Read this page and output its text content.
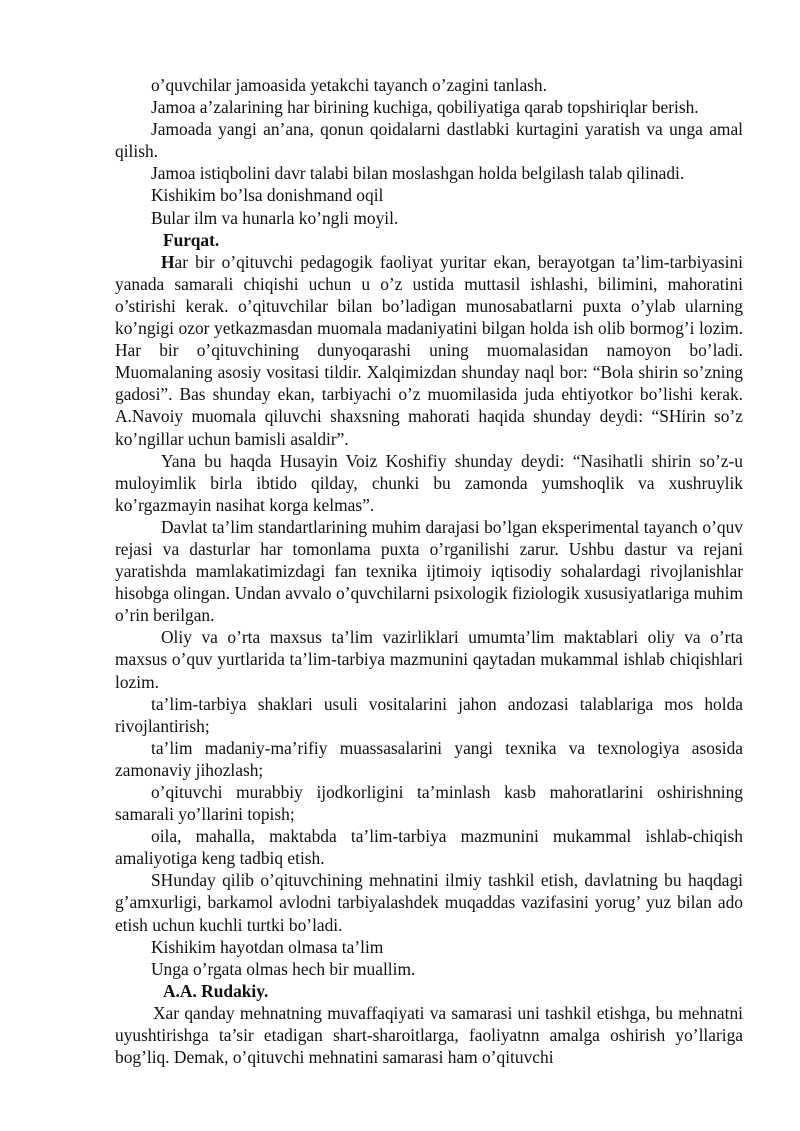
o’quvchilar jamoasida yetakchi tayanch o’zagini tanlash.

Jamoa a’zalarining har birining kuchiga, qobiliyatiga qarab topshiriqlar berish.

Jamoada yangi an’ana, qonun qoidalarni dastlabki kurtagini yaratish va unga amal qilish.

Jamoa istiqbolini davr talabi bilan moslashgan holda belgilash talab qilinadi.

Kishikim bo’lsa donishmand oqil

Bular ilm va hunarla ko’ngli moyil.

Furqat.

Har bir o’qituvchi pedagogik faoliyat yuritar ekan, berayotgan ta’lim-tarbiyasini yanada samarali chiqishi uchun u o’z ustida muttasil ishlashi, bilimini, mahoratini o’stirishi kerak. o’qituvchilar bilan bo’ladigan munosabatlarni puxta o’ylab ularning ko’ngigi ozor yetkazmasdan muomala madaniyatini bilgan holda ish olib bormog’i lozim. Har bir o’qituvchining dunyoqarashi uning muomalasidan namoyon bo’ladi. Muomalaning asosiy vositasi tildir. Xalqimizdan shunday naql bor: “Bola shirin so’zning gadosi”. Bas shunday ekan, tarbiyachi o’z muomilasida juda ehtiyotkor bo’lishi kerak. A.Navoiy muomala qiluvchi shaxsning mahorati haqida shunday deydi: “SHirin so’z ko’ngillar uchun bamisli asaldir”.

Yana bu haqda Husayin Voiz Koshifiy shunday deydi: “Nasihatli shirin so’z-u muloyimlik birla ibtido qilday, chunki bu zamonda yumshoqlik va xushruylik ko’rgazmayin nasihat korga kelmas”.

Davlat ta’lim standartlarining muhim darajasi bo’lgan eksperimental tayanch o’quv rejasi va dasturlar har tomonlama puxta o’rganilishi zarur. Ushbu dastur va rejani yaratishda mamlakatimizdagi fan texnika ijtimoiy iqtisodiy sohalardagi rivojlanishlar hisobga olingan. Undan avvalo o’quvchilarni psixologik fiziologik xususiyatlariga muhim o’rin berilgan.

Oliy va o’rta maxsus ta’lim vazirliklari umumta’lim maktablari oliy va o’rta maxsus o’quv yurtlarida ta’lim-tarbiya mazmunini qaytadan mukammal ishlab chiqishlari lozim.

ta’lim-tarbiya shaklari usuli vositalarini jahon andozasi talablariga mos holda rivojlantirish;

ta’lim madaniy-ma’rifiy muassasalarini yangi texnika va texnologiya asosida zamonaviy jihozlash;

o’qituvchi murabbiy ijodkorligini ta’minlash kasb mahoratlarini oshirishning samarali yo’llarini topish;

oila, mahalla, maktabda ta’lim-tarbiya mazmunini mukammal ishlab-chiqish amaliyotiga keng tadbiq etish.

SHunday qilib o’qituvchining mehnatini ilmiy tashkil etish, davlatning bu haqdagi g’amxurligi, barkamol avlodni tarbiyalashdek muqaddas vazifasini yorug’ yuz bilan ado etish uchun kuchli turtki bo’ladi.

Kishikim hayotdan olmasa ta’lim

Unga o’rgata olmas hech bir muallim.

A.A. Rudakiy.

Xar qanday mehnatning muvaffaqiyati va samarasi uni tashkil etishga, bu mehnatni uyushtirishga ta’sir etadigan shart-sharoitlarga, faoliyatnn amalga oshirish yo’llariga bog’liq. Demak, o’qituvchi mehnatini samarasi ham o’qituvchi
